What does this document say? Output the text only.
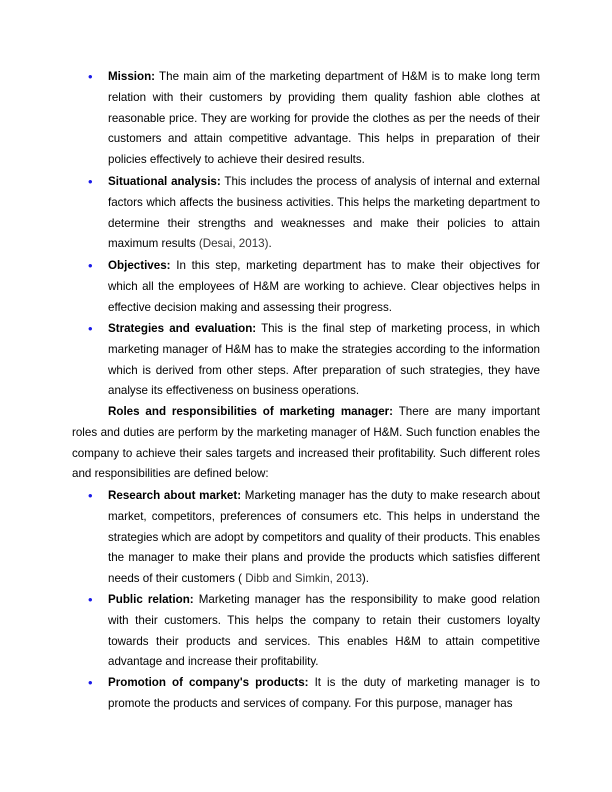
• Mission: The main aim of the marketing department of H&M is to make long term relation with their customers by providing them quality fashion able clothes at reasonable price. They are working for provide the clothes as per the needs of their customers and attain competitive advantage. This helps in preparation of their policies effectively to achieve their desired results.
• Situational analysis: This includes the process of analysis of internal and external factors which affects the business activities. This helps the marketing department to determine their strengths and weaknesses and make their policies to attain maximum results (Desai, 2013).
• Objectives: In this step, marketing department has to make their objectives for which all the employees of H&M are working to achieve. Clear objectives helps in effective decision making and assessing their progress.
• Strategies and evaluation: This is the final step of marketing process, in which marketing manager of H&M has to make the strategies according to the information which is derived from other steps. After preparation of such strategies, they have analyse its effectiveness on business operations.
Roles and responsibilities of marketing manager: There are many important roles and duties are perform by the marketing manager of H&M. Such function enables the company to achieve their sales targets and increased their profitability. Such different roles and responsibilities are defined below:
• Research about market: Marketing manager has the duty to make research about market, competitors, preferences of consumers etc. This helps in understand the strategies which are adopt by competitors and quality of their products. This enables the manager to make their plans and provide the products which satisfies different needs of their customers ( Dibb and Simkin, 2013).
• Public relation: Marketing manager has the responsibility to make good relation with their customers. This helps the company to retain their customers loyalty towards their products and services. This enables H&M to attain competitive advantage and increase their profitability.
• Promotion of company's products: It is the duty of marketing manager is to promote the products and services of company. For this purpose, manager has
